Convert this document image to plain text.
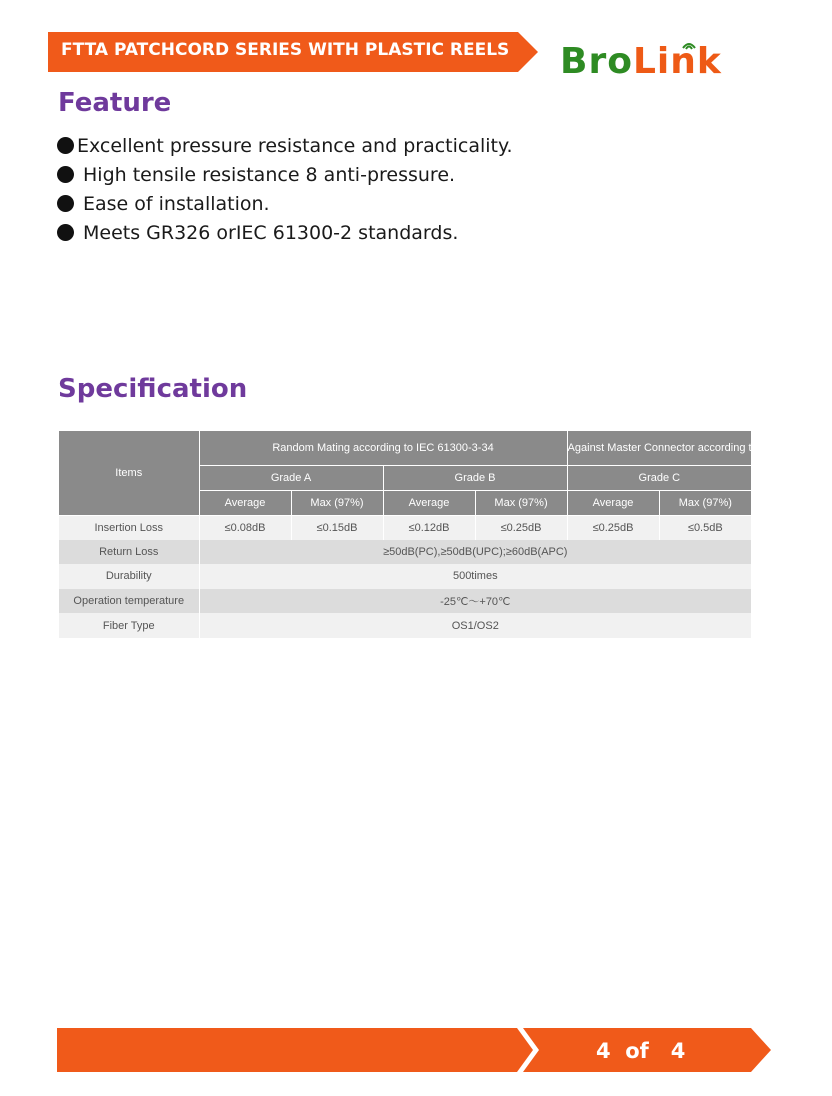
FTTA PATCHCORD SERIES WITH PLASTIC REELS BroLink
Feature
Excellent pressure resistance and practicality.
High tensile resistance 8 anti-pressure.
Ease of installation.
Meets GR326 orIEC 61300-2 standards.
Specification
Items	Random Mating according to IEC 61300-3-34				Against Master Connector according to IEC 61300-3-4	
	Grade A		Grade B		Grade C	
	Average	Max (97%)	Average	Max (97%)	Average	Max (97%)
Insertion Loss	≤0.08dB	≤0.15dB	≤0.12dB	≤0.25dB	≤0.25dB	≤0.5dB
Return Loss	≥50dB(PC),≥50dB(UPC);≥60dB(APC)					
Durability	500times					
Operation temperature	-25℃～+70℃					
Fiber Type	OS1/OS2					
4 of 4
